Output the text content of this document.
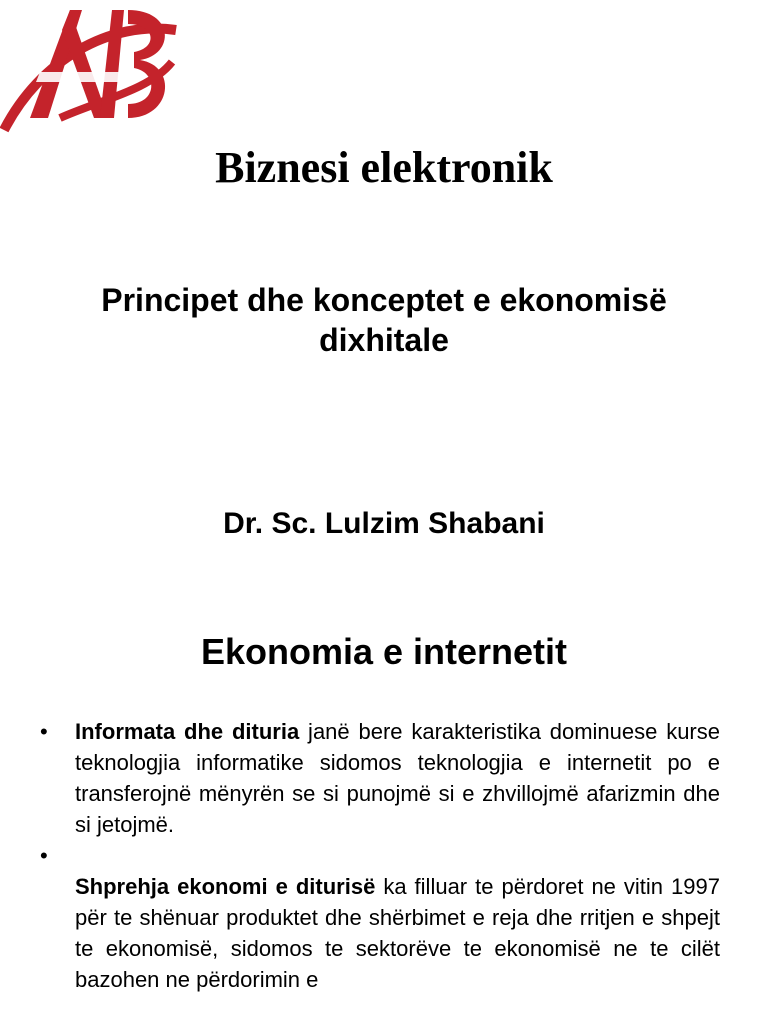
Biznesi elektronik
Principet dhe konceptet e ekonomisë dixhitale
Dr. Sc. Lulzim Shabani
Ekonomia e internetit
• Informata dhe dituria janë bere karakteristika dominuese kurse teknologjia informatike sidomos teknologjia e internetit po e transferojnë mënyrën se si punojmë si e zhvillojmë afarizmin dhe si jetojmë.

•

Shprehja ekonomi e diturisë ka filluar te përdoret ne vitin 1997 për te shënuar produktet dhe shërbimet e reja dhe rritjen e shpejt te ekonomisë, sidomos te sektorëve te ekonomisë ne te cilët bazohen ne përdorimin e
